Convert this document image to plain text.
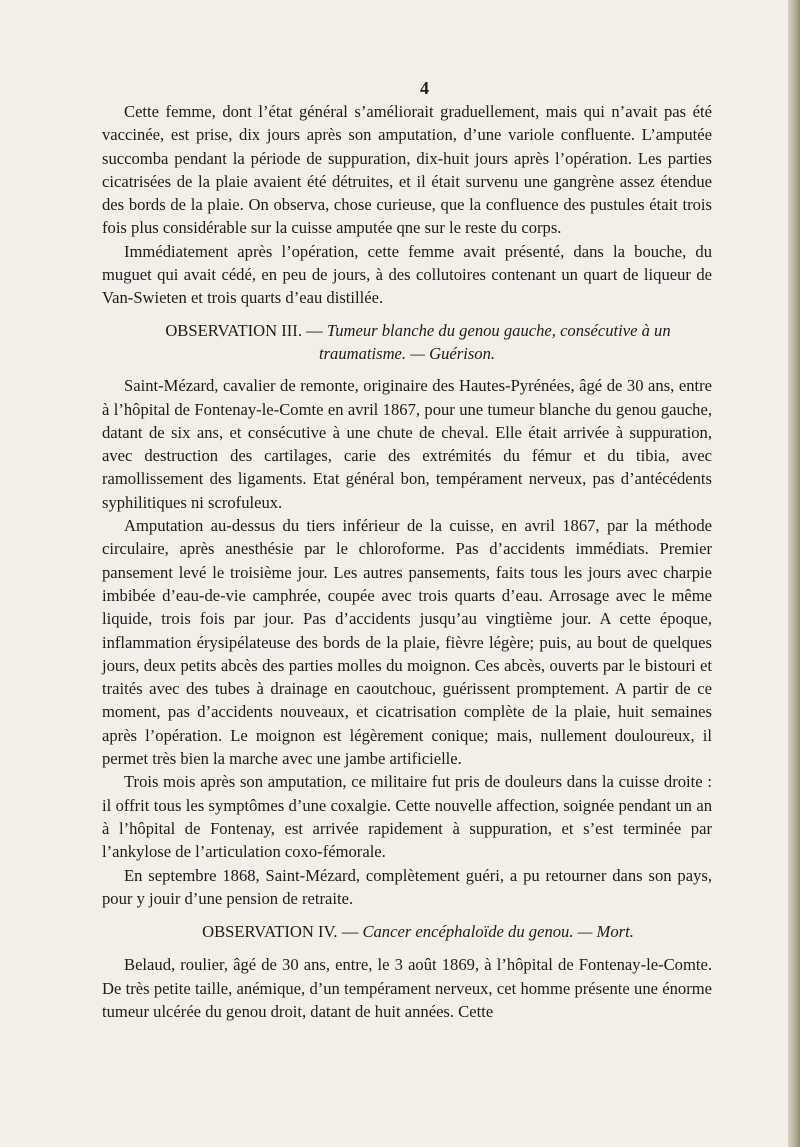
4

Cette femme, dont l’état général s’améliorait graduellement, mais qui n’avait pas été vaccinée, est prise, dix jours après son amputation, d’une variole confluente. L’amputée succomba pendant la période de suppuration, dix-huit jours après l’opération. Les parties cicatrisées de la plaie avaient été détruites, et il était survenu une gangrène assez étendue des bords de la plaie. On observa, chose curieuse, que la confluence des pustules était trois fois plus considérable sur la cuisse amputée qne sur le reste du corps.

Immédiatement après l’opération, cette femme avait présenté, dans la bouche, du muguet qui avait cédé, en peu de jours, à des collutoires contenant un quart de liqueur de Van-Swieten et trois quarts d’eau distillée.

OBSERVATION III. — Tumeur blanche du genou gauche, consécutive à un traumatisme. — Guérison.

Saint-Mézard, cavalier de remonte, originaire des Hautes-Pyrénées, âgé de 30 ans, entre à l’hôpital de Fontenay-le-Comte en avril 1867, pour une tumeur blanche du genou gauche, datant de six ans, et consécutive à une chute de cheval. Elle était arrivée à suppuration, avec destruction des cartilages, carie des extrémités du fémur et du tibia, avec ramollissement des ligaments. Etat général bon, tempérament nerveux, pas d’antécédents syphilitiques ni scrofuleux.

Amputation au-dessus du tiers inférieur de la cuisse, en avril 1867, par la méthode circulaire, après anesthésie par le chloroforme. Pas d’accidents immédiats. Premier pansement levé le troisième jour. Les autres pansements, faits tous les jours avec charpie imbibée d’eau-de-vie camphrée, coupée avec trois quarts d’eau. Arrosage avec le même liquide, trois fois par jour. Pas d’accidents jusqu’au vingtième jour. A cette époque, inflammation érysipélateuse des bords de la plaie, fièvre légère; puis, au bout de quelques jours, deux petits abcès des parties molles du moignon. Ces abcès, ouverts par le bistouri et traités avec des tubes à drainage en caoutchouc, guérissent promptement. A partir de ce moment, pas d’accidents nouveaux, et cicatrisation complète de la plaie, huit semaines après l’opération. Le moignon est légèrement conique; mais, nullement douloureux, il permet très bien la marche avec une jambe artificielle.

Trois mois après son amputation, ce militaire fut pris de douleurs dans la cuisse droite : il offrit tous les symptômes d’une coxalgie. Cette nouvelle affection, soignée pendant un an à l’hôpital de Fontenay, est arrivée rapidement à suppuration, et s’est terminée par l’ankylose de l’articulation coxo-fémorale.

En septembre 1868, Saint-Mézard, complètement guéri, a pu retourner dans son pays, pour y jouir d’une pension de retraite.

OBSERVATION IV. — Cancer encéphaloïde du genou. — Mort.

Belaud, roulier, âgé de 30 ans, entre, le 3 août 1869, à l’hôpital de Fontenay-le-Comte. De très petite taille, anémique, d’un tempérament nerveux, cet homme présente une énorme tumeur ulcérée du genou droit, datant de huit années. Cette
